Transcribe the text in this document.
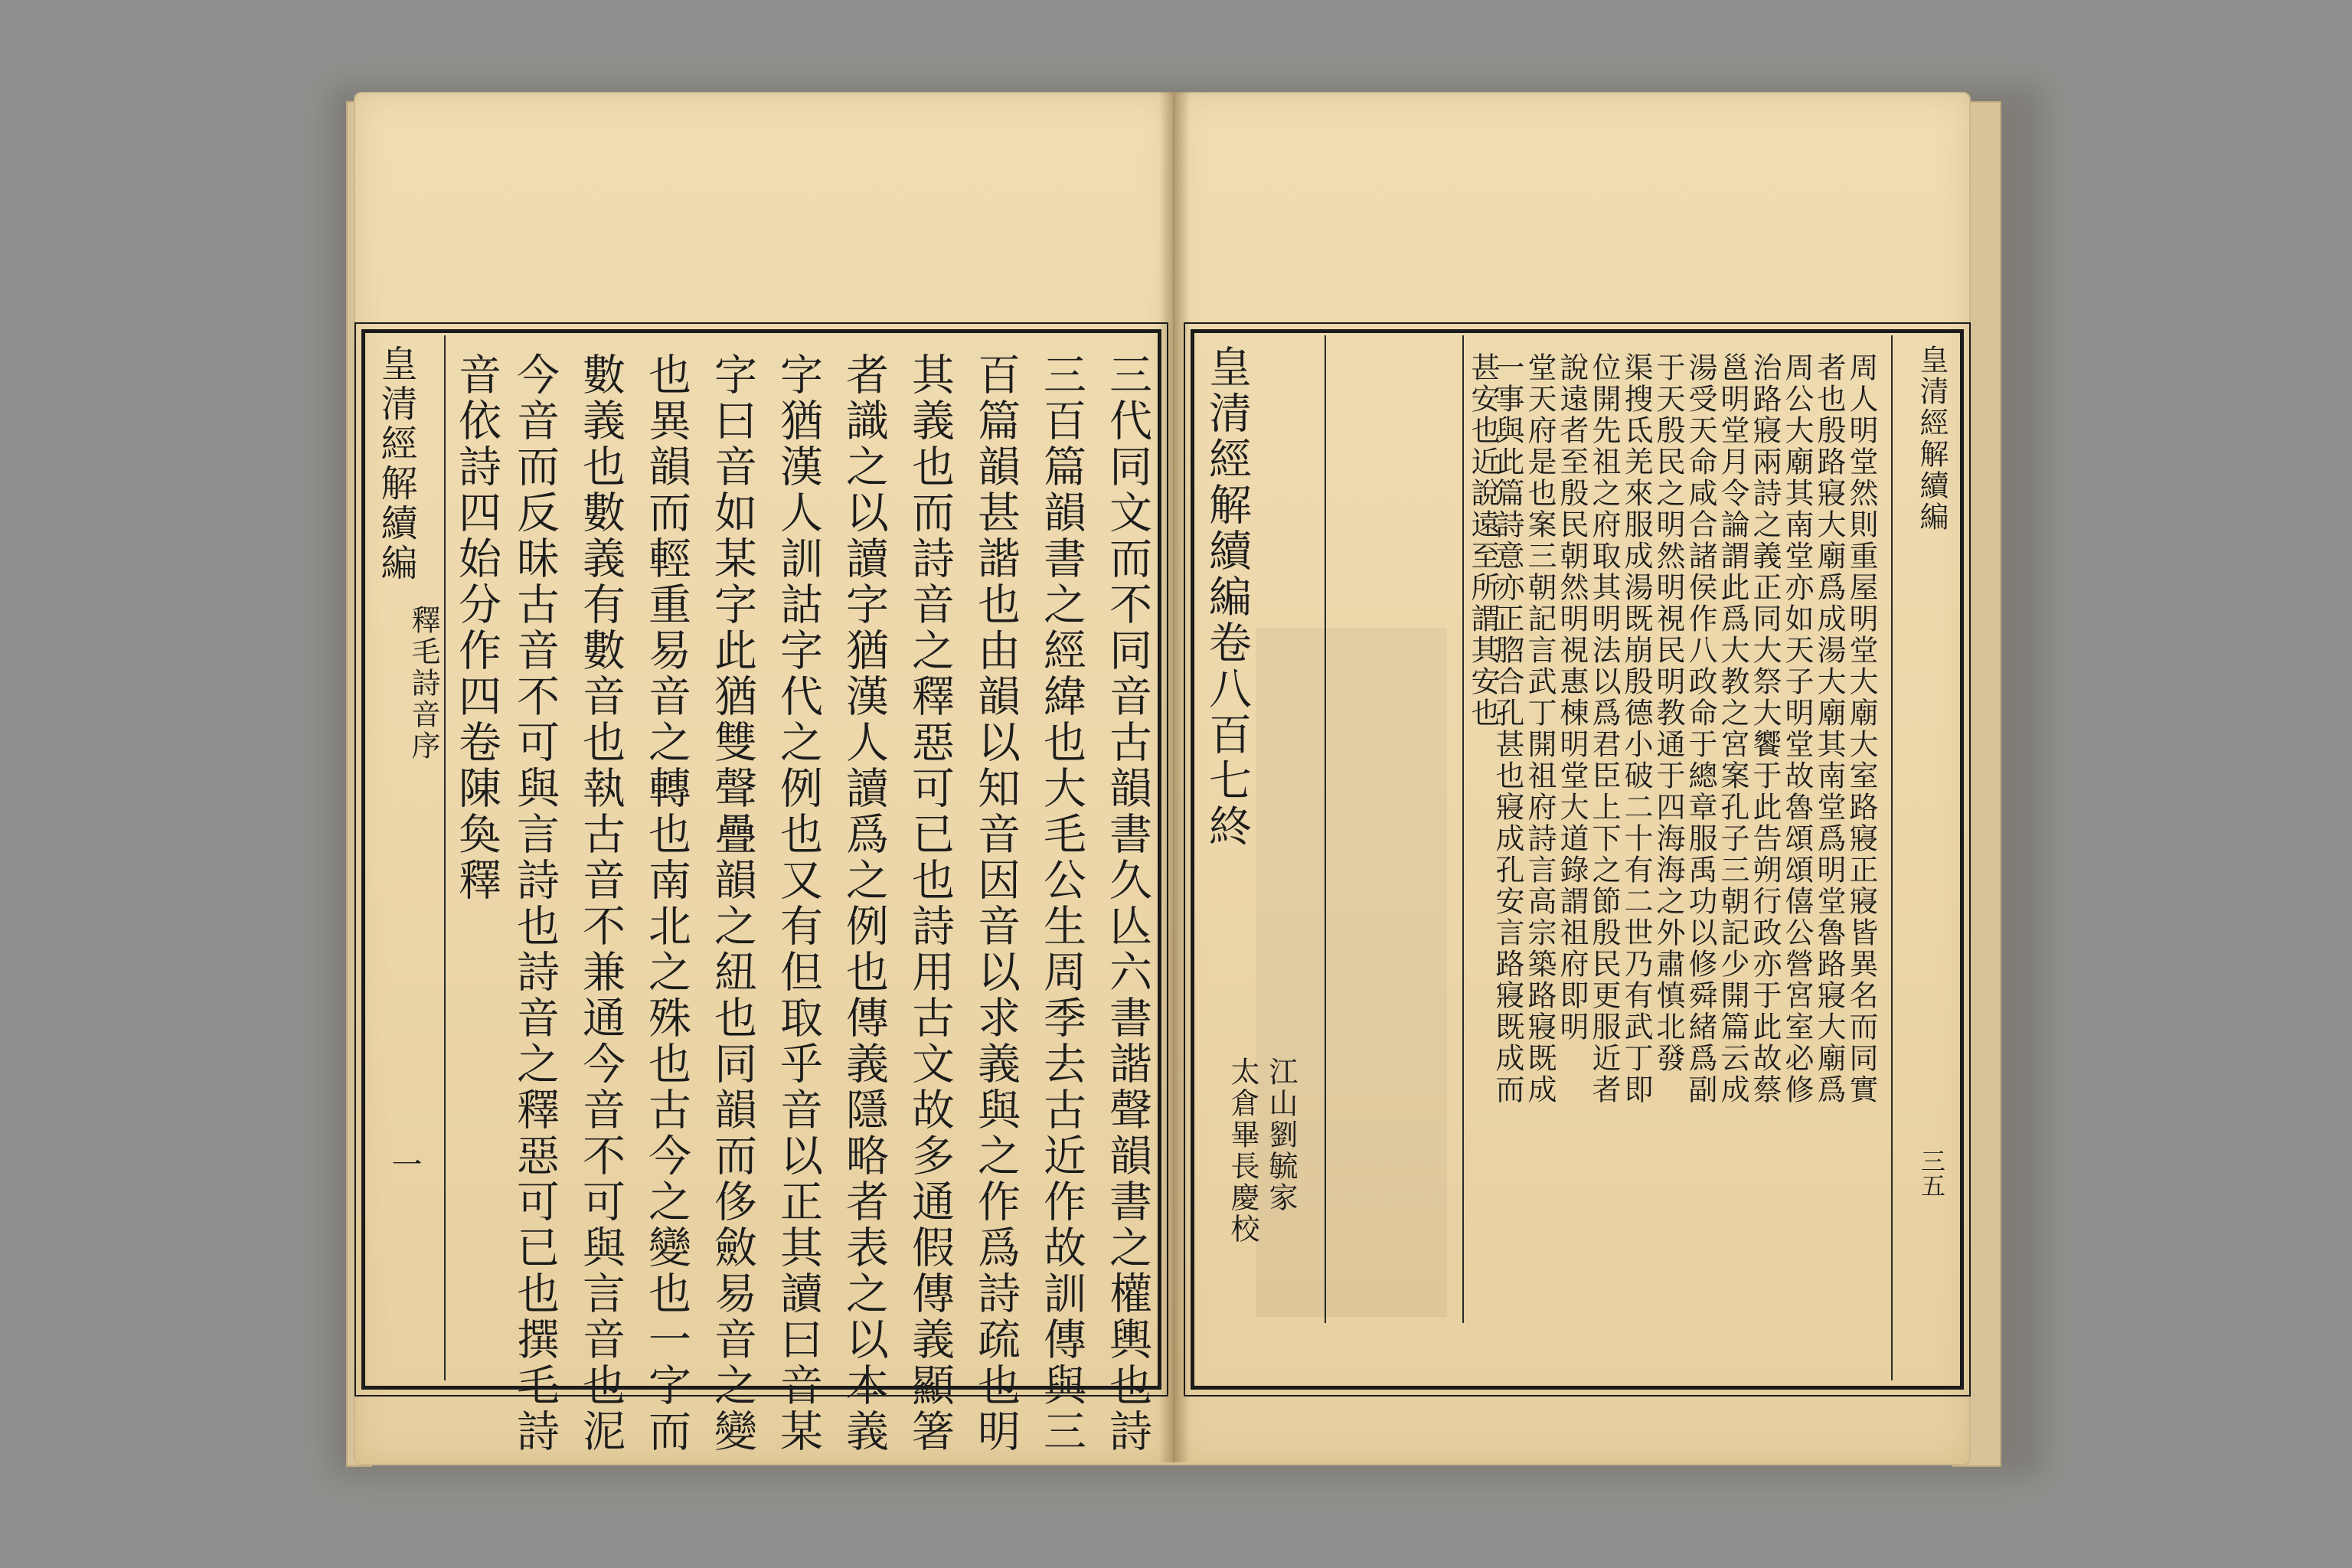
皇清經解續編
釋毛詩音序
一	三代同文而不同音古韻書久亾六書諧聲韻書之權輿也詩
三百篇韻書之經緯也大毛公生周季去古近作故訓傳與三
百篇韻甚諧也由韻以知音因音以求義與之作爲詩疏也明
其義也而詩音之釋惡可已也詩用古文故多通假傳義顯箸
者識之以讀字猶漢人讀爲之例也傳義隱略者表之以本義
字猶漢人訓詁字代之例也又有但取乎音以正其讀曰音某
字曰音如某字此猶雙聲疊韻之紐也同韻而侈斂易音之變
也異韻而輕重易音之轉也南北之殊也古今之變也一字而
數義也數義有數音也執古音不兼通今音不可與言音也泥
今音而反昧古音不可與言詩也詩音之釋惡可已也撰毛詩
音依詩四始分作四卷陳奐釋	皇清經解續編
三五
周人明堂然則重屋明堂大廟大室路寢正寢皆異名而同實
者也殷路寢大廟爲成湯大廟其南堂爲明堂魯路寢大廟爲
周公大廟其南堂亦如天子明堂故魯頌頌僖公營宮室必修
治路寢兩詩之義正同大祭大饗于此告朔行政亦于此故蔡
邕明堂月令論謂此爲大教之宮案孔子三朝記少開篇云成
湯受天命咸合諸侯作八政命于總章服禹功以修舜緒爲副
于天殷民之明然明視民明教通于四海海之外肅慎北發
渠搜氐羌來服成湯既崩殷德小破二十有二世乃有武丁即
位開先祖之府取其明法以爲君臣上下之節殷民更服近者
說遠者至殷民朝然明視惠棟明堂大道錄謂祖府即明
堂天府是也案三朝記言武丁開祖府詩言高宗築路寢既成
一事與此篇詩意亦正脗合孔甚也寢成孔安言路寢既成而
甚安也近說遠至所謂其安也
皇清經解續編卷八百七終
江山劉毓家
太倉畢長慶校
